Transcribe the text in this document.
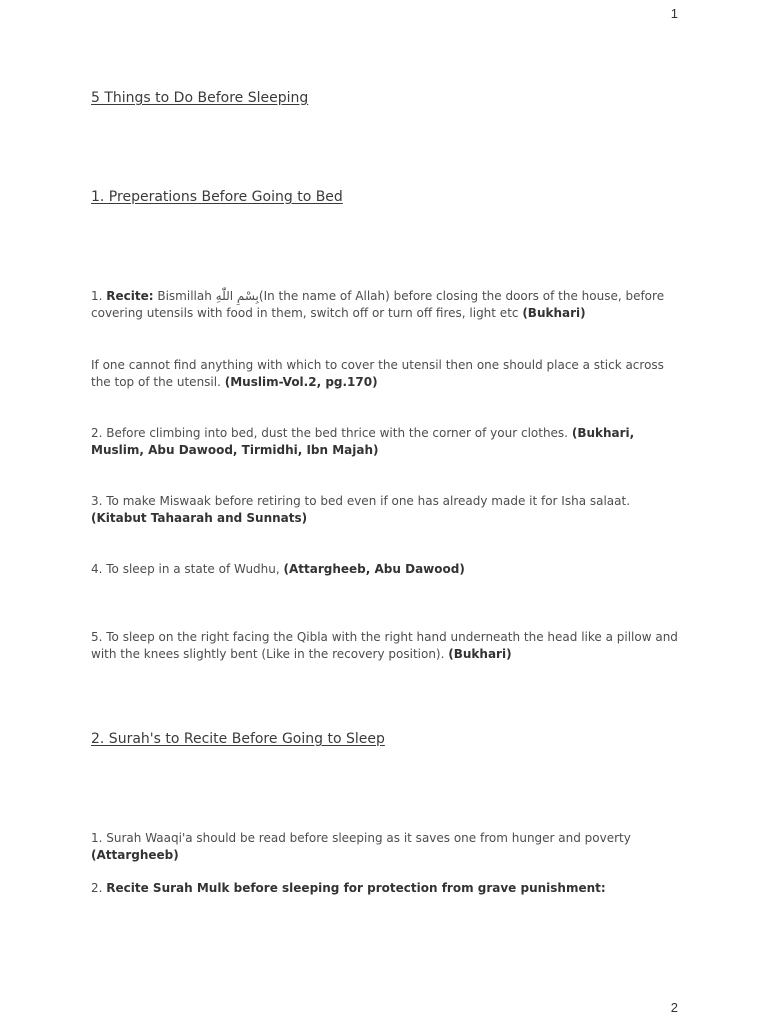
1
5 Things to Do Before Sleeping
1. Preperations Before Going to Bed
1. Recite: Bismillah بِسْمِ اللّٰهِ(In the name of Allah) before closing the doors of the house, before covering utensils with food in them, switch off or turn off fires, light etc (Bukhari)
If one cannot find anything with which to cover the utensil then one should place a stick across the top of the utensil. (Muslim-Vol.2, pg.170)
2. Before climbing into bed, dust the bed thrice with the corner of your clothes. (Bukhari, Muslim, Abu Dawood, Tirmidhi, Ibn Majah)
3. To make Miswaak before retiring to bed even if one has already made it for Isha salaat. (Kitabut Tahaarah and Sunnats)
4. To sleep in a state of Wudhu, (Attargheeb, Abu Dawood)
5. To sleep on the right facing the Qibla with the right hand underneath the head like a pillow and with the knees slightly bent (Like in the recovery position). (Bukhari)
2. Surah's to Recite Before Going to Sleep
1. Surah Waaqi'a should be read before sleeping as it saves one from hunger and poverty (Attargheeb)
2. Recite Surah Mulk before sleeping for protection from grave punishment:
2
